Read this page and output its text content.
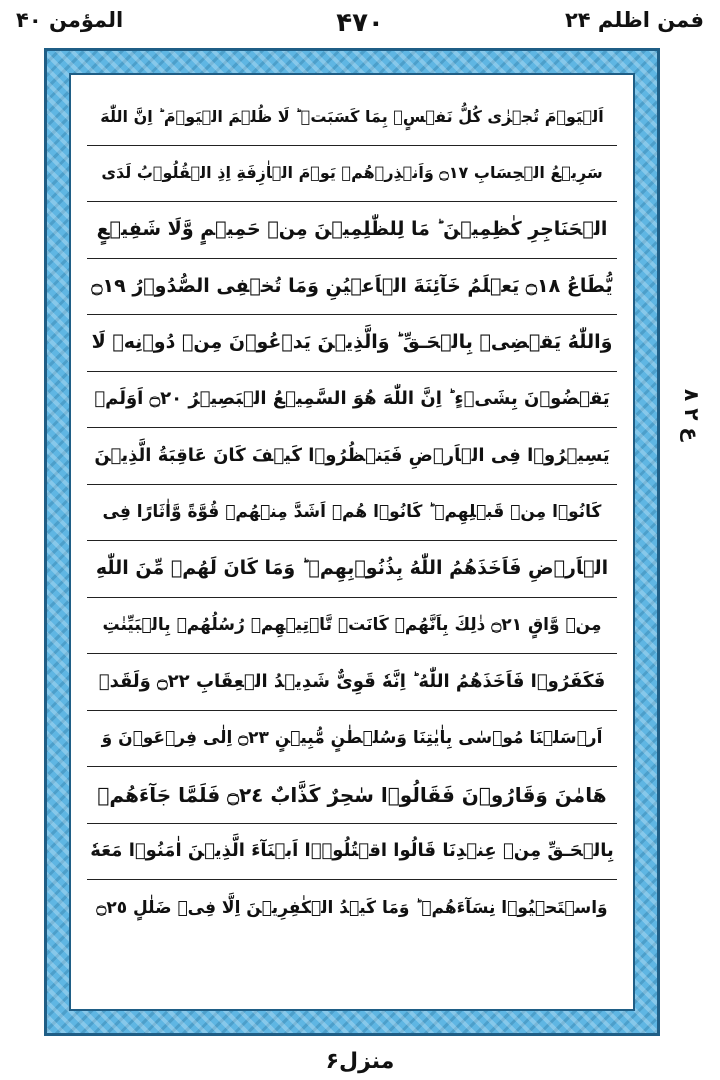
المؤمن ۴۰	۴۷۰	فمن اظلم ۲۴
اَلۡيَوۡمَ تُجۡزٰى كُلُّ نَفۡسٍۭ بِمَا كَسَبَتۡ ؕ لَا ظُلۡمَ الۡيَوۡمَ ؕ اِنَّ اللّٰهَ
سَرِيۡعُ الۡحِسَابِ ۝١٧ وَاَنۡذِرۡهُمۡ يَوۡمَ الۡاٰزِفَةِ اِذِ الۡقُلُوۡبُ لَدَى
الۡحَنَاجِرِ كٰظِمِيۡنَ ؕ مَا لِلظّٰلِمِيۡنَ مِنۡ حَمِيۡمٍ وَّلَا شَفِيۡعٍ
يُّطَاعُ ۝١٨ يَعۡلَمُ خَآئِنَةَ الۡاَعۡيُنِ وَمَا تُخۡفِى الصُّدُوۡرُ ۝١٩
وَاللّٰهُ يَقۡضِىۡ بِالۡحَـقِّ ؕ وَالَّذِيۡنَ يَدۡعُوۡنَ مِنۡ دُوۡنِهٖ لَا
يَقۡضُوۡنَ بِشَىۡءٍ ؕ اِنَّ اللّٰهَ هُوَ السَّمِيۡعُ الۡبَصِيۡرُ ۝٢٠ اَوَلَمۡ
يَسِيۡرُوۡا فِى الۡاَرۡضِ فَيَنۡظُرُوۡا كَيۡفَ كَانَ عَاقِبَةُ الَّذِيۡنَ
كَانُوۡا مِنۡ قَبۡلِهِمۡ ؕ كَانُوۡا هُمۡ اَشَدَّ مِنۡهُمۡ قُوَّةً وَّاٰثَارًا فِى
الۡاَرۡضِ فَاَخَذَهُمُ اللّٰهُ بِذُنُوۡبِهِمۡ ؕ وَمَا كَانَ لَهُمۡ مِّنَ اللّٰهِ
مِنۡ وَّاقٍ ۝٢١ ذٰلِكَ بِاَنَّهُمۡ كَانَتۡ تَّاۡتِيۡهِمۡ رُسُلُهُمۡ بِالۡبَيِّنٰتِ
فَكَفَرُوۡا فَاَخَذَهُمُ اللّٰهُ ؕ اِنَّهٗ قَوِىٌّ شَدِيۡدُ الۡعِقَابِ ۝٢٢ وَلَقَدۡ
اَرۡسَلۡنَا مُوۡسٰى بِاٰيٰتِنَا وَسُلۡطٰنٍ مُّبِيۡنٍ ۝٢٣ اِلٰى فِرۡعَوۡنَ وَ
هَامٰنَ وَقَارُوۡنَ فَقَالُوۡا سٰحِرٌ كَذَّابٌ ۝٢٤ فَلَمَّا جَآءَهُمۡ
بِالۡحَـقِّ مِنۡ عِنۡدِنَا قَالُوا اقۡتُلُوۡۤا اَبۡنَآءَ الَّذِيۡنَ اٰمَنُوۡا مَعَهٗ
وَاسۡتَحۡيُوۡا نِسَآءَهُمۡ ؕ وَمَا كَيۡدُ الۡكٰفِرِيۡنَ اِلَّا فِىۡ ضَلٰلٍ ۝٢٥
ع ۲ ۸
منزل۶
